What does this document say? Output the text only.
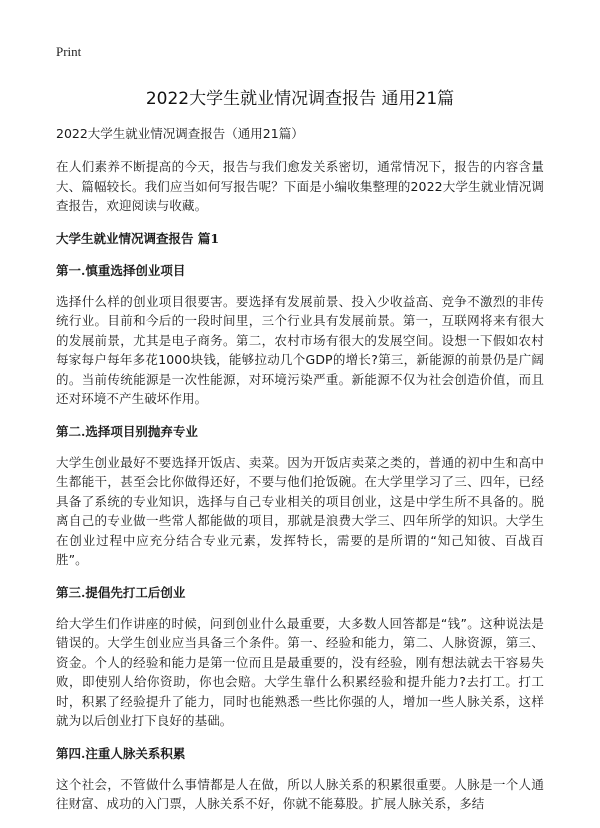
Print
2022大学生就业情况调查报告 通用21篇

2022大学生就业情况调查报告（通用21篇）

在人们素养不断提高的今天，报告与我们愈发关系密切，通常情况下，报告的内容含量大、篇幅较长。我们应当如何写报告呢？下面是小编收集整理的2022大学生就业情况调查报告，欢迎阅读与收藏。

大学生就业情况调查报告 篇1
第一.慎重选择创业项目

选择什么样的创业项目很要害。要选择有发展前景、投入少收益高、竞争不激烈的非传统行业。目前和今后的一段时间里，三个行业具有发展前景。第一，互联网将来有很大的发展前景，尤其是电子商务。第二，农村市场有很大的发展空间。设想一下假如农村每家每户每年多花1000块钱，能够拉动几个GDP的增长?第三，新能源的前景仍是广阔的。当前传统能源是一次性能源，对环境污染严重。新能源不仅为社会创造价值，而且还对环境不产生破坏作用。

第二.选择项目别抛弃专业

大学生创业最好不要选择开饭店、卖菜。因为开饭店卖菜之类的，普通的初中生和高中生都能干，甚至会比你做得还好，不要与他们抢饭碗。在大学里学习了三、四年，已经具备了系统的专业知识，选择与自己专业相关的项目创业，这是中学生所不具备的。脱离自己的专业做一些常人都能做的项目，那就是浪费大学三、四年所学的知识。大学生在创业过程中应充分结合专业元素，发挥特长，需要的是所谓的“知己知彼、百战百胜”。

第三.提倡先打工后创业

给大学生们作讲座的时候，问到创业什么最重要，大多数人回答都是“钱”。这种说法是错误的。大学生创业应当具备三个条件。第一、经验和能力，第二、人脉资源，第三、资金。个人的经验和能力是第一位而且是最重要的，没有经验，刚有想法就去干容易失败，即使别人给你资助，你也会赔。大学生靠什么积累经验和提升能力?去打工。打工时，积累了经验提升了能力，同时也能熟悉一些比你强的人，增加一些人脉关系，这样就为以后创业打下良好的基础。

第四.注重人脉关系积累

这个社会，不管做什么事情都是人在做，所以人脉关系的积累很重要。人脉是一个人通往财富、成功的入门票，人脉关系不好，你就不能募股。扩展人脉关系，多结
